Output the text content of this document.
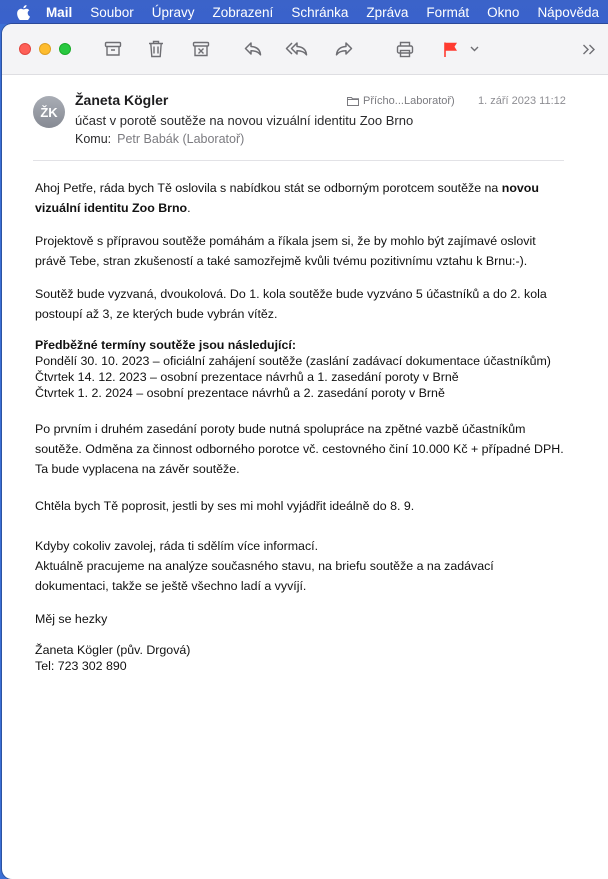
Mail	Soubor	Úpravy	Zobrazení	Schránka	Zpráva	Formát	Okno	Nápověda
ŽK
Žaneta Kögler
účast v porotě soutěže na novou vizuální identitu Zoo Brno
Komu: Petr Babák (Laboratoř)
Přícho...Laboratoř) 1. září 2023 11:12
Ahoj Petře, ráda bych Tě oslovila s nabídkou stát se odborným porotcem soutěže na novou vizuální identitu Zoo Brno.
Projektově s přípravou soutěže pomáhám a říkala jsem si, že by mohlo být zajímavé oslovit právě Tebe, stran zkušeností a také samozřejmě kvůli tvému pozitivnímu vztahu k Brnu:-).
Soutěž bude vyzvaná, dvoukolová. Do 1. kola soutěže bude vyzváno 5 účastníků a do 2. kola postoupí až 3, ze kterých bude vybrán vítěz.
Předběžné termíny soutěže jsou následující:
Pondělí 30. 10. 2023 – oficiální zahájení soutěže (zaslání zadávací dokumentace účastníkům)
Čtvrtek 14. 12. 2023 – osobní prezentace návrhů a 1. zasedání poroty v Brně
Čtvrtek 1. 2. 2024 – osobní prezentace návrhů a 2. zasedání poroty v Brně
Po prvním i druhém zasedání poroty bude nutná spolupráce na zpětné vazbě účastníkům soutěže. Odměna za činnost odborného porotce vč. cestovného činí 10.000 Kč + případné DPH. Ta bude vyplacena na závěr soutěže.
Chtěla bych Tě poprosit, jestli by ses mi mohl vyjádřit ideálně do 8. 9.
Kdyby cokoliv zavolej, ráda ti sdělím více informací.
Aktuálně pracujeme na analýze současného stavu, na briefu soutěže a na zadávací dokumentaci, takže se ještě všechno ladí a vyvíjí.
Měj se hezky
Žaneta Kögler (pův. Drgová)
Tel: 723 302 890
